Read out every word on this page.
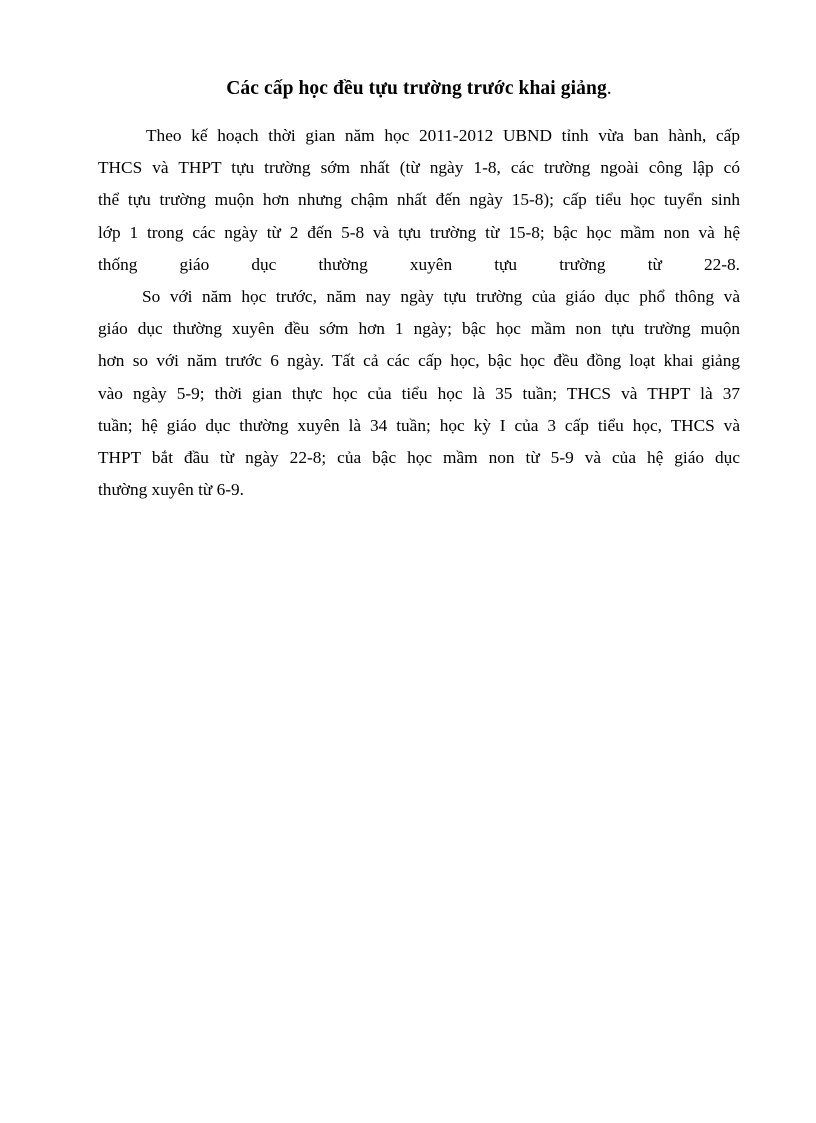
Các cấp học đều tựu trường trước khai giảng.

Theo kế hoạch thời gian năm học 2011-2012 UBND tỉnh vừa ban hành, cấp
THCS và THPT tựu trường sớm nhất (từ ngày 1-8, các trường ngoài công lập có
thể tựu trường muộn hơn nhưng chậm nhất đến ngày 15-8); cấp tiểu học tuyển sinh
lớp 1 trong các ngày từ 2 đến 5-8 và tựu trường từ 15-8; bậc học mầm non và hệ
thống giáo dục thường xuyên tựu trường từ 22-8.

So với năm học trước, năm nay ngày tựu trường của giáo dục phổ thông và
giáo dục thường xuyên đều sớm hơn 1 ngày; bậc học mầm non tựu trường muộn
hơn so với năm trước 6 ngày. Tất cả các cấp học, bậc học đều đồng loạt khai giảng
vào ngày 5-9; thời gian thực học của tiểu học là 35 tuần; THCS và THPT là 37
tuần; hệ giáo dục thường xuyên là 34 tuần; học kỳ I của 3 cấp tiểu học, THCS và
THPT bắt đầu từ ngày 22-8; của bậc học mầm non từ 5-9 và của hệ giáo dục
thường xuyên từ 6-9.
